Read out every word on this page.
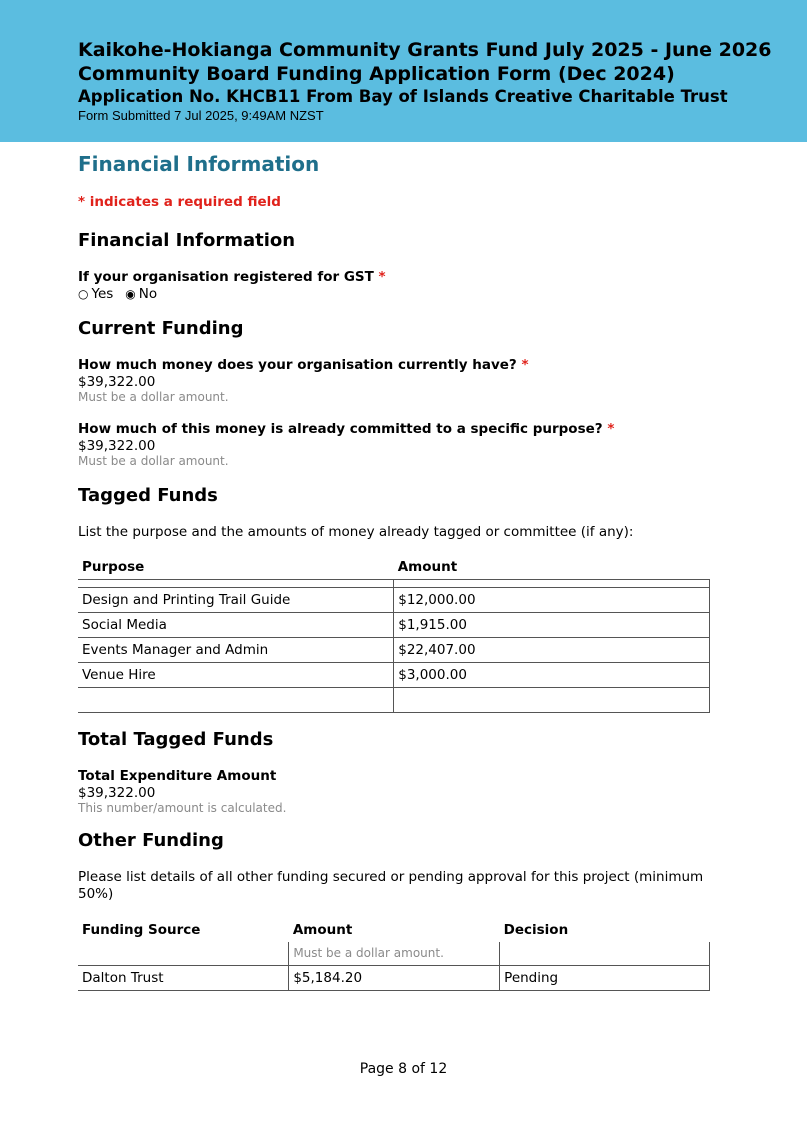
Kaikohe-Hokianga Community Grants Fund July 2025 - June 2026
Community Board Funding Application Form (Dec 2024)
Application No. KHCB11 From Bay of Islands Creative Charitable Trust
Form Submitted 7 Jul 2025, 9:49AM NZST
Financial Information
* indicates a required field
Financial Information
If your organisation registered for GST *
○ Yes ◉ No
Current Funding
How much money does your organisation currently have? *
$39,322.00
Must be a dollar amount.
How much of this money is already committed to a specific purpose? *
$39,322.00
Must be a dollar amount.
Tagged Funds
List the purpose and the amounts of money already tagged or committee (if any):
Purpose	Amount

Design and Printing Trail Guide	$12,000.00
Social Media	$1,915.00
Events Manager and Admin	$22,407.00
Venue Hire	$3,000.00

Total Tagged Funds
Total Expenditure Amount
$39,322.00
This number/amount is calculated.
Other Funding
Please list details of all other funding secured or pending approval for this project (minimum 50%)
Funding Source	Amount	Decision
	Must be a dollar amount.	
Dalton Trust	$5,184.20	Pending
Page 8 of 12
